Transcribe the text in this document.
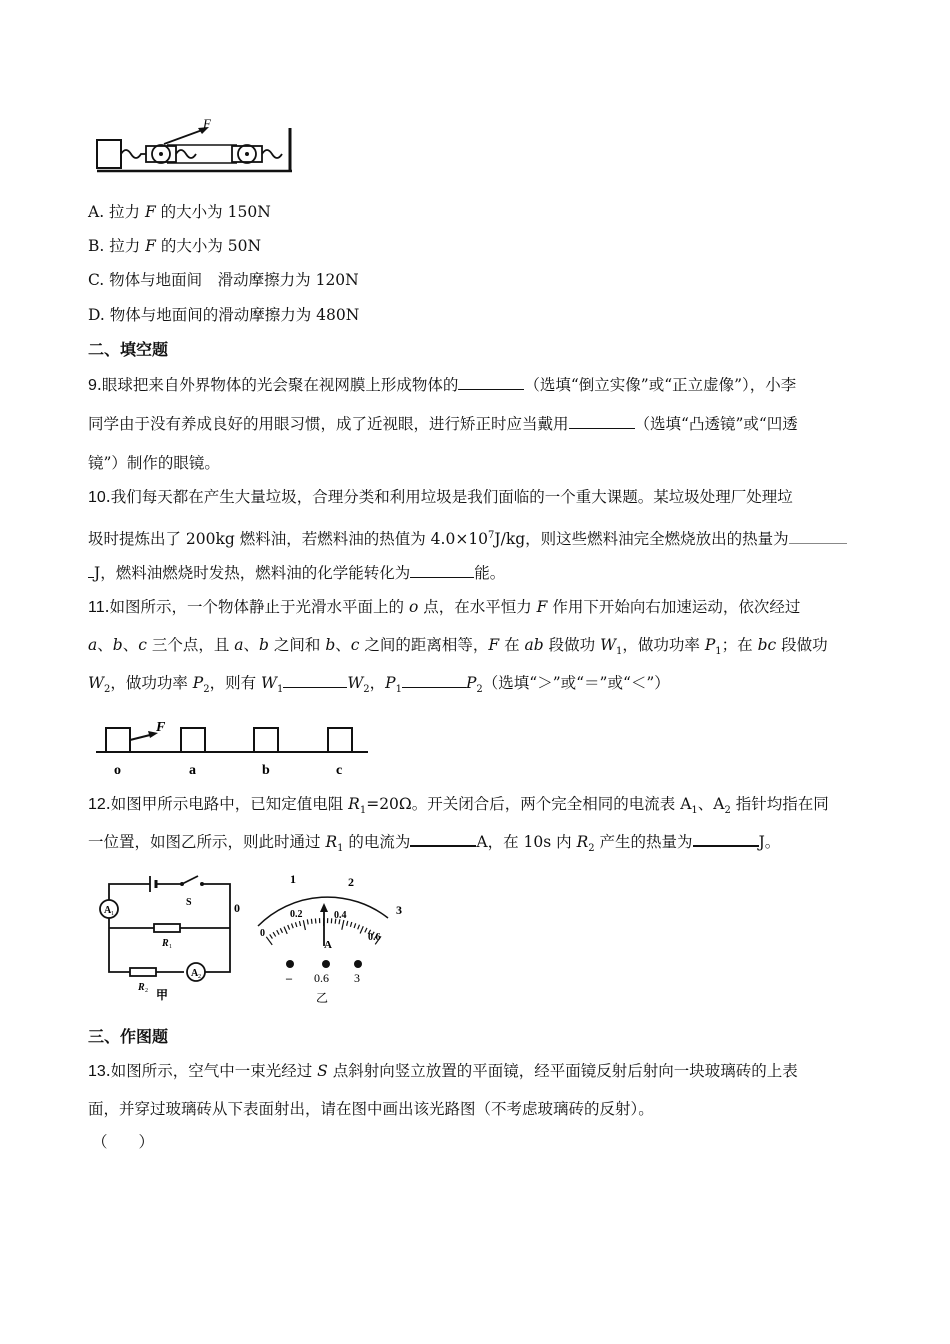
F
A. 拉力 F 的大小为 150N
B. 拉力 F 的大小为 50N
C. 物体与地面间　滑动摩擦力为 120N
D. 物体与地面间的滑动摩擦力为 480N
二、填空题
9.眼球把来自外界物体的光会聚在视网膜上形成物体的	（选填“倒立实像”或“正立虚像”），小李
同学由于没有养成良好的用眼习惯，成了近视眼，进行矫正时应当戴用	（选填“凸透镜”或“凹透
镜”）制作的眼镜。
10.我们每天都在产生大量垃圾，合理分类和利用垃圾是我们面临的一个重大课题。某垃圾处理厂处理垃
圾时提炼出了 200kg 燃料油，若燃料油的热值为 $4.0\times 10^7J/kg$，则这些燃料油完全燃烧放出的热量为
J，燃料油燃烧时发热，燃料油的化学能转化为	能。
11.如图所示，一个物体静止于光滑水平面上的 o 点，在水平恒力 F 作用下开始向右加速运动，依次经过
a、b、c 三个点，且 a、b 之间和 b、c 之间的距离相等，F 在 ab 段做功 $W_1$，做功功率 $P_1$；在 bc 段做功
$W_2$，做功功率 $P_2$，则有 $W_1$	$W_2$，$P_1$	$P_2$（选填“＞”或“＝”或“＜”）
F
o	a	b	c
12.如图甲所示电路中，已知定值电阻 $R_1=20\Omega$。开关闭合后，两个完全相同的电流表 $A_1$、$A_2$ 指针均指在同
一位置，如图乙所示，则此时通过 $R_1$ 的电流为	A，在 10s 内 $R_2$ 产生的热量为	J。
A 1
A 2
S
R 1
R 2 甲
0
1	2
3
0
0.2	0.4
0.6
A
– 0.6 3
乙
三、作图题
13.如图所示，空气中一束光经过 S 点斜射向竖立放置的平面镜，经平面镜反射后射向一块玻璃砖的上表
面，并穿过玻璃砖从下表面射出，请在图中画出该光路图（不考虑玻璃砖的反射）。
（　　）
